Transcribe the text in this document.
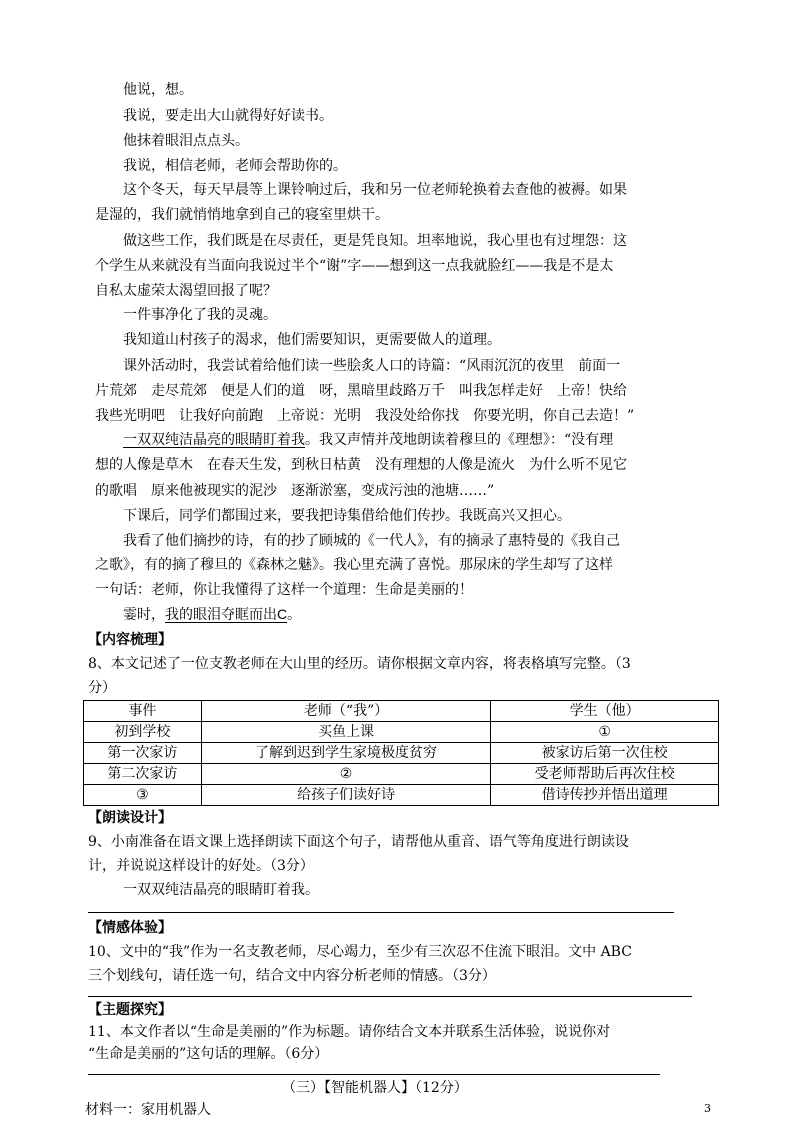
他说，想。
我说，要走出大山就得好好读书。
他抹着眼泪点点头。
我说，相信老师，老师会帮助你的。
这个冬天，每天早晨等上课铃响过后，我和另一位老师轮换着去查他的被褥。如果
是湿的，我们就悄悄地拿到自己的寝室里烘干。
做这些工作，我们既是在尽责任，更是凭良知。坦率地说，我心里也有过埋怨：这
个学生从来就没有当面向我说过半个“谢”字——想到这一点我就脸红——我是不是太
自私太虚荣太渴望回报了呢？
一件事净化了我的灵魂。
我知道山村孩子的渴求，他们需要知识，更需要做人的道理。
课外活动时，我尝试着给他们读一些脍炙人口的诗篇：“风雨沉沉的夜里　前面一
片荒郊　走尽荒郊　便是人们的道　呀，黑暗里歧路万千　叫我怎样走好　上帝！快给
我些光明吧　让我好向前跑　上帝说：光明　我没处给你找　你要光明，你自己去造！”
一双双纯洁晶亮的眼睛盯着我。我又声情并茂地朗读着穆旦的《理想》：“没有理
想的人像是草木　在春天生发，到秋日枯黄　没有理想的人像是流火　为什么听不见它
的歌唱　原来他被现实的泥沙　逐渐淤塞，变成污浊的池塘……”
下课后，同学们都围过来，要我把诗集借给他们传抄。我既高兴又担心。
我看了他们摘抄的诗，有的抄了顾城的《一代人》，有的摘录了惠特曼的《我自己
之歌》，有的摘了穆旦的《森林之魅》。我心里充满了喜悦。那尿床的学生却写了这样
一句话：老师，你让我懂得了这样一个道理：生命是美丽的！
霎时，我的眼泪夺眶而出C。
【内容梳理】
8、本文记述了一位支教老师在大山里的经历。请你根据文章内容，将表格填写完整。（3
分）
事件	老师（“我”）	学生（他）
初到学校	买鱼上课	①
第一次家访	了解到迟到学生家境极度贫穷	被家访后第一次住校
第二次家访	②	受老师帮助后再次住校
③	给孩子们读好诗	借诗传抄并悟出道理
【朗读设计】
9、小南准备在语文课上选择朗读下面这个句子，请帮他从重音、语气等角度进行朗读设
计，并说说这样设计的好处。（3分）
一双双纯洁晶亮的眼睛盯着我。
【情感体验】
10、文中的“我”作为一名支教老师，尽心竭力，至少有三次忍不住流下眼泪。文中 ABC
三个划线句，请任选一句，结合文中内容分析老师的情感。（3分）
【主题探究】
11、本文作者以“生命是美丽的”作为标题。请你结合文本并联系生活体验，说说你对
“生命是美丽的”这句话的理解。（6分）
（三）【智能机器人】（12分）
材料一：家用机器人	3
